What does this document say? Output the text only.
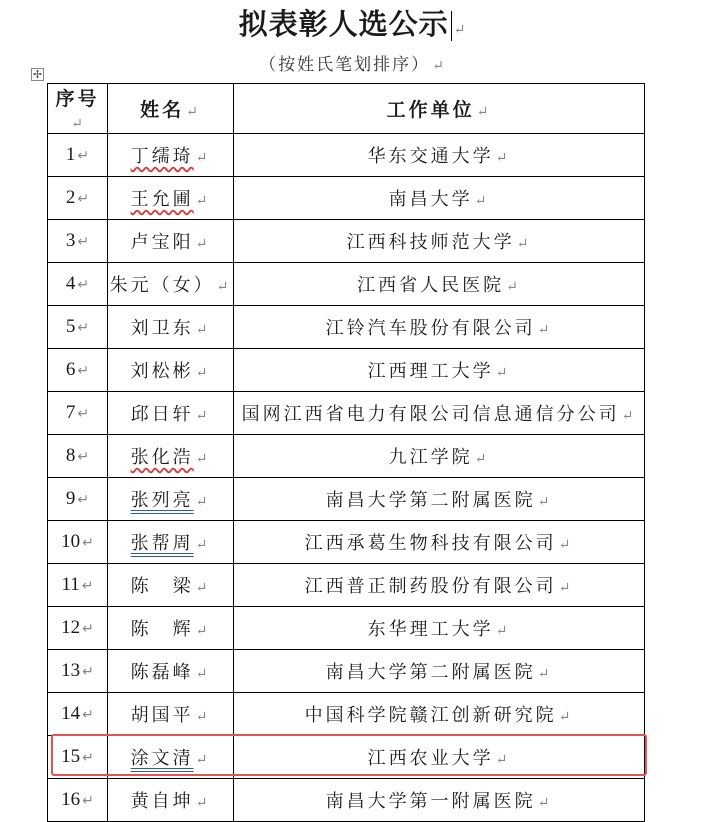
拟表彰人选公示 ↵
（按姓氏笔划排序） ↵
✢
序号↵	姓名 ↵	工作单位 ↵
1 ↵	丁𦈡琦 ↵	华东交通大学 ↵
2 ↵	王允圃 ↵	南昌大学 ↵
3 ↵	卢宝阳 ↵	江西科技师范大学 ↵
4 ↵	朱元（女） ↵	江西省人民医院 ↵
5 ↵	刘卫东 ↵	江铃汽车股份有限公司 ↵
6 ↵	刘松彬 ↵	江西理工大学 ↵
7 ↵	邱日轩 ↵	国网江西省电力有限公司信息通信分公司 ↵
8 ↵	张化浩 ↵	九江学院 ↵
9 ↵	张列亮 ↵	南昌大学第二附属医院 ↵
10 ↵	张帮周 ↵	江西承葛生物科技有限公司 ↵
11 ↵	陈　梁 ↵	江西普正制药股份有限公司 ↵
12 ↵	陈　辉 ↵	东华理工大学 ↵
13 ↵	陈磊峰 ↵	南昌大学第二附属医院 ↵
14 ↵	胡国平 ↵	中国科学院赣江创新研究院 ↵
15 ↵	涂文清 ↵	江西农业大学 ↵
16 ↵	黄自坤 ↵	南昌大学第一附属医院 ↵
